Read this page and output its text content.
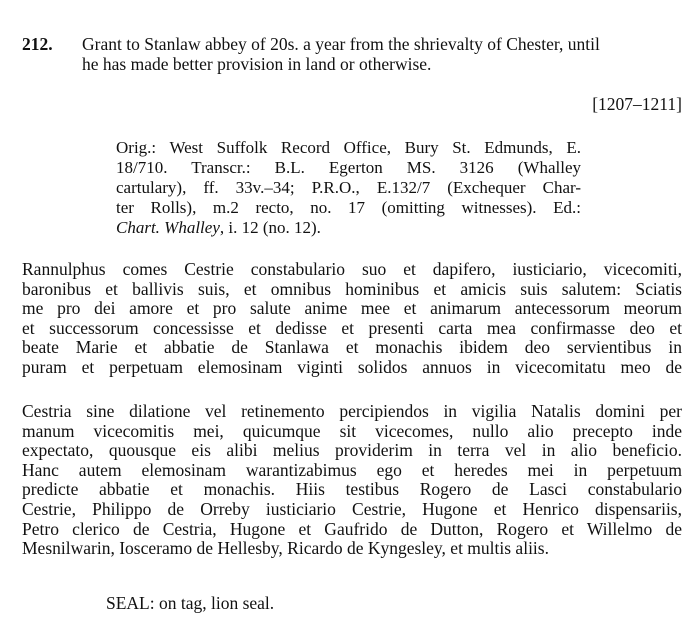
212. Grant to Stanlaw abbey of 20s. a year from the shrievalty of Chester, until
he has made better provision in land or otherwise.
[1207–1211]
Orig.: West Suffolk Record Office, Bury St. Edmunds, E.
18/710. Transcr.: B.L. Egerton MS. 3126 (Whalley
cartulary), ff. 33v.–34; P.R.O., E.132/7 (Exchequer Char-
ter Rolls), m.2 recto, no. 17 (omitting witnesses). Ed.:
Chart. Whalley, i. 12 (no. 12).
Rannulphus comes Cestrie constabulario suo et dapifero, iusticiario, vicecomiti,
baronibus et ballivis suis, et omnibus hominibus et amicis suis salutem: Sciatis
me pro dei amore et pro salute anime mee et animarum antecessorum meorum
et successorum concessisse et dedisse et presenti carta mea confirmasse deo et
beate Marie et abbatie de Stanlawa et monachis ibidem deo servientibus in
puram et perpetuam elemosinam viginti solidos annuos in vicecomitatu meo de
Cestria sine dilatione vel retinemento percipiendos in vigilia Natalis domini per
manum vicecomitis mei, quicumque sit vicecomes, nullo alio precepto inde
expectato, quousque eis alibi melius providerim in terra vel in alio beneficio.
Hanc autem elemosinam warantizabimus ego et heredes mei in perpetuum
predicte abbatie et monachis. Hiis testibus Rogero de Lasci constabulario
Cestrie, Philippo de Orreby iusticiario Cestrie, Hugone et Henrico dispensariis,
Petro clerico de Cestria, Hugone et Gaufrido de Dutton, Rogero et Willelmo de
Mesnilwarin, Iosceramo de Hellesby, Ricardo de Kyngesley, et multis aliis.
SEAL: on tag, lion seal.
